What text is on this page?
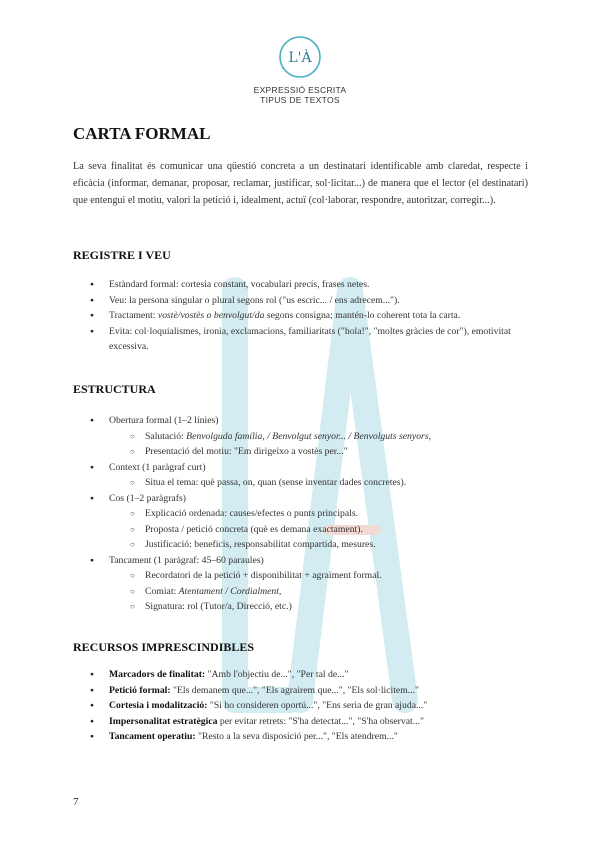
L'À
EXPRESSIÓ ESCRITA
TIPUS DE TEXTOS
CARTA FORMAL

La seva finalitat és comunicar una qüestió concreta a un destinatari identificable amb claredat, respecte i eficàcia (informar, demanar, proposar, reclamar, justificar, sol·licitar...) de manera que el lector (el destinatari) que entengui el motiu, valori la petició i, idealment, actuï (col·laborar, respondre, autoritzar, corregir...).

REGISTRE I VEU
● Estàndard formal: cortesia constant, vocabulari precís, frases netes.
● Veu: la persona singular o plural segons rol ("us escric... / ens adrecem...").
● Tractament: vostè/vostès o benvolgut/da segons consigna; mantén-lo coherent tota la carta.
● Evita: col·loquialismes, ironia, exclamacions, familiaritats ("hola!", "moltes gràcies de cor"), emotivitat excessiva.
ESTRUCTURA
● Obertura formal (1–2 línies)
○ Salutació: Benvolguda família, / Benvolgut senyor... / Benvolguts senyors,
○ Presentació del motiu: "Em dirigeixo a vostès per..."
● Context (1 paràgraf curt)
○ Situa el tema: què passa, on, quan (sense inventar dades concretes).
● Cos (1–2 paràgrafs)
○ Explicació ordenada: causes/efectes o punts principals.
○ Proposta / petició concreta (què es demana exactament).
○ Justificació: beneficis, responsabilitat compartida, mesures.
● Tancament (1 paràgraf: 45–60 paraules)
○ Recordatori de la petició + disponibilitat + agraïment formal.
○ Comiat: Atentament / Cordialment,
○ Signatura: rol (Tutor/a, Direcció, etc.)
RECURSOS IMPRESCINDIBLES
● Marcadors de finalitat: "Amb l'objectiu de...", "Per tal de..."
● Petició formal: "Els demanem que...", "Els agrairem que...", "Els sol·licitem..."
● Cortesia i modalització: "Si ho consideren oportú...", "Ens seria de gran ajuda..."
● Impersonalitat estratègica per evitar retrets: "S'ha detectat...", "S'ha observat..."
● Tancament operatiu: "Resto a la seva disposició per...", "Els atendrem..."
7
